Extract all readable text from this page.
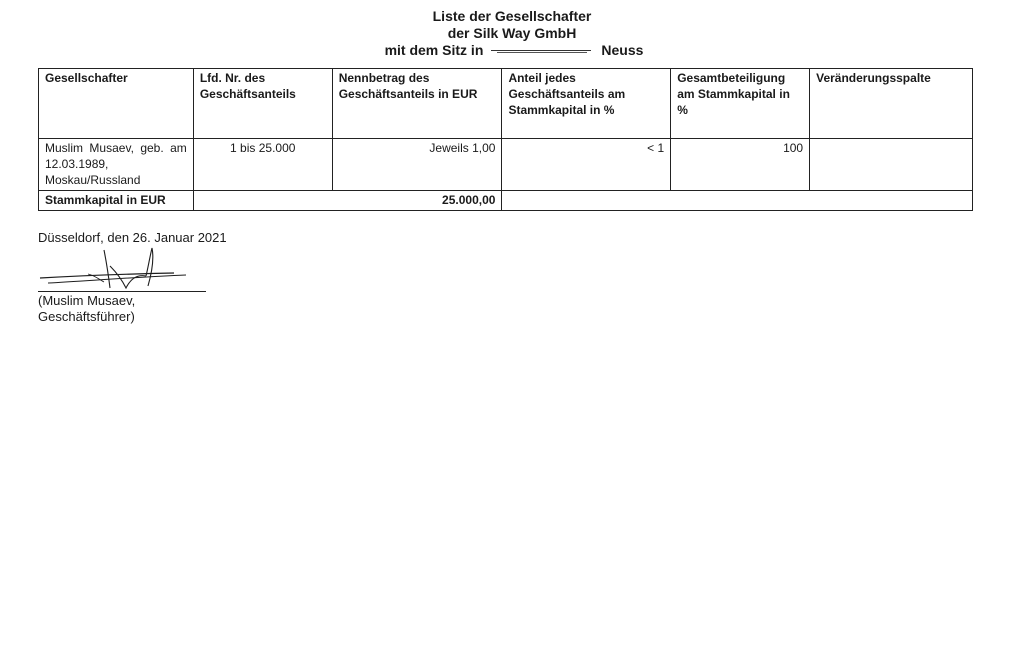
Liste der Gesellschafter
der Silk Way GmbH
mit dem Sitz in	Neuss
Gesellschafter	Lfd. Nr. des Geschäftsanteils	Nennbetrag des Geschäftsanteils in EUR	Anteil jedes Geschäftsanteils am Stammkapital in %	Gesamtbeteiligung am Stammkapital in %	Veränderungsspalte
Muslim Musaev, geb. am 12.03.1989, Moskau/Russland	1 bis 25.000	Jeweils 1,00	< 1	100	
Stammkapital in EUR	25.000,00				
Düsseldorf, den 26. Januar 2021
(Muslim Musaev,
Geschäftsführer)
